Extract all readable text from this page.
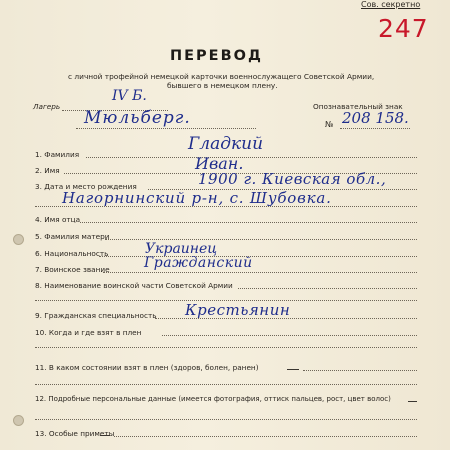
Сов. секретно
247
ПЕРЕВОД
с личной трофейной немецкой карточки военнослужащего Советской Армии,
бывшего в немецком плену.
Лагерь
IV Б.
Опознавательный знак
№ 208 158.
Мюльберг.
1. Фамилия
Гладкий
2. Имя	Иван.
3. Дата и место рождения	1900 г. Киевская обл.,
Нагорнинский р-н, с. Шубовка.
4. Имя отца
5. Фамилия матери
6. Национальность	Украинец
7. Воинское звание Гражданский
8. Наименование воинской части Советской Армии
9. Гражданская специальность Крестьянин
10. Когда и где взят в плен
11. В каком состоянии взят в плен (здоров, болен, ранен)
12. Подробные персональные данные (имеется фотография, оттиск пальцев, рост, цвет волос)
13. Особые приметы
